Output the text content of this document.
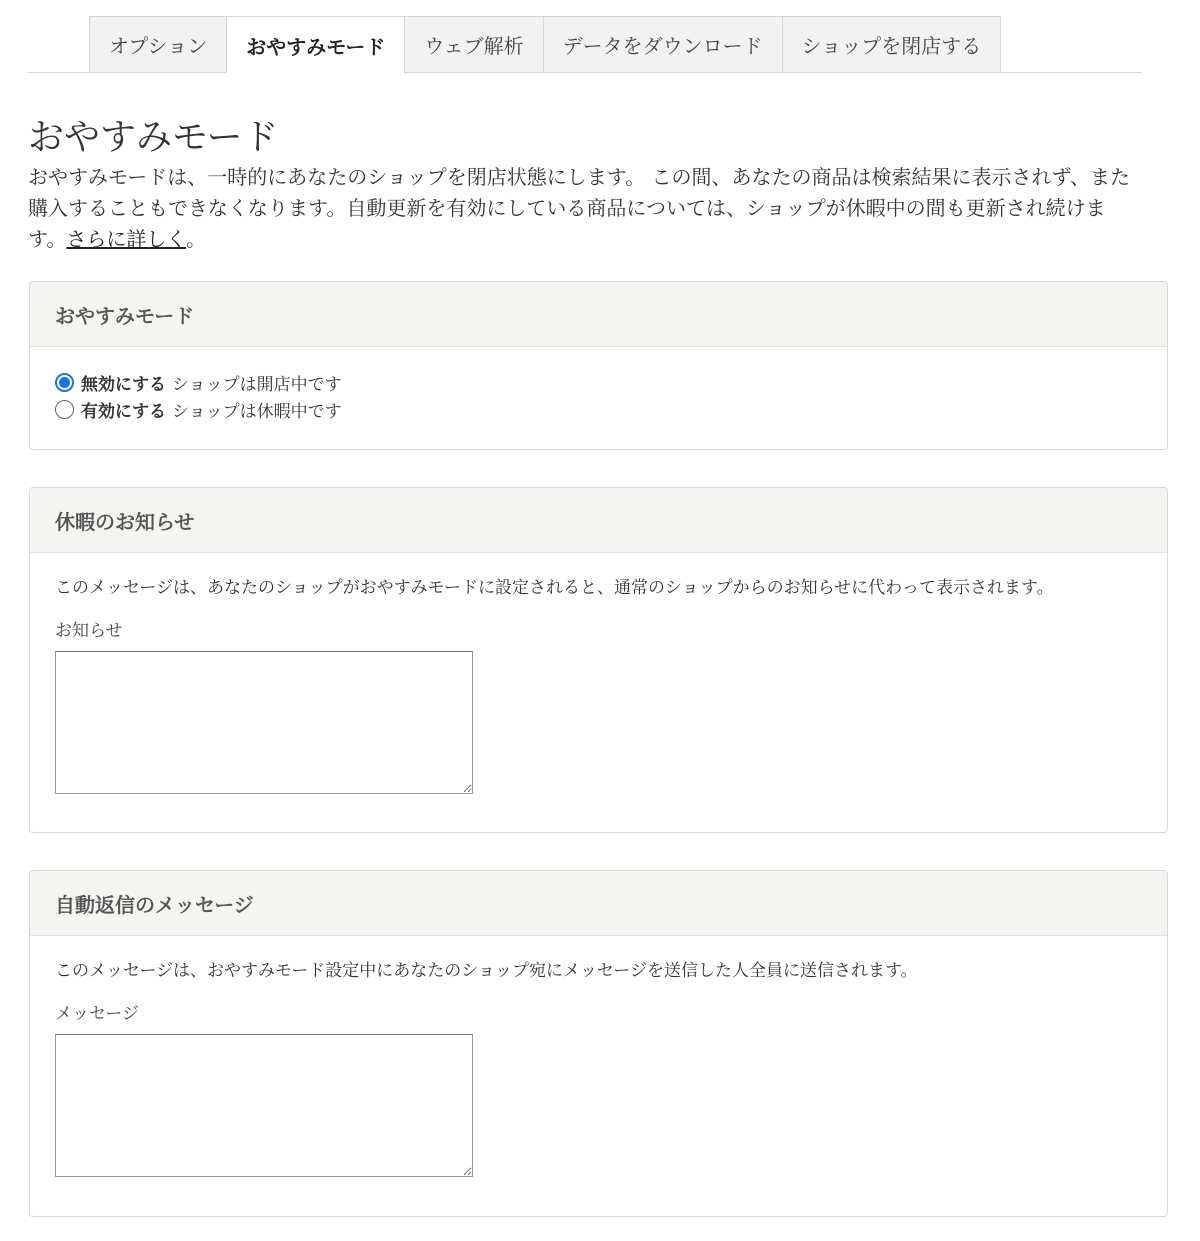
オプション	おやすみモード	ウェブ解析	データをダウンロード	ショップを閉店する
おやすみモード

おやすみモードは、一時的にあなたのショップを閉店状態にします。 この間、あなたの商品は検索結果に表示されず、また購入することもできなくなります。自動更新を有効にしている商品については、ショップが休暇中の間も更新され続けます。さらに詳しく。

おやすみモード
無効にする ショップは開店中です
有効にする ショップは休暇中です
休暇のお知らせ

このメッセージは、あなたのショップがおやすみモードに設定されると、通常のショップからのお知らせに代わって表示されます。

お知らせ

自動返信のメッセージ

このメッセージは、おやすみモード設定中にあなたのショップ宛にメッセージを送信した人全員に送信されます。

メッセージ
